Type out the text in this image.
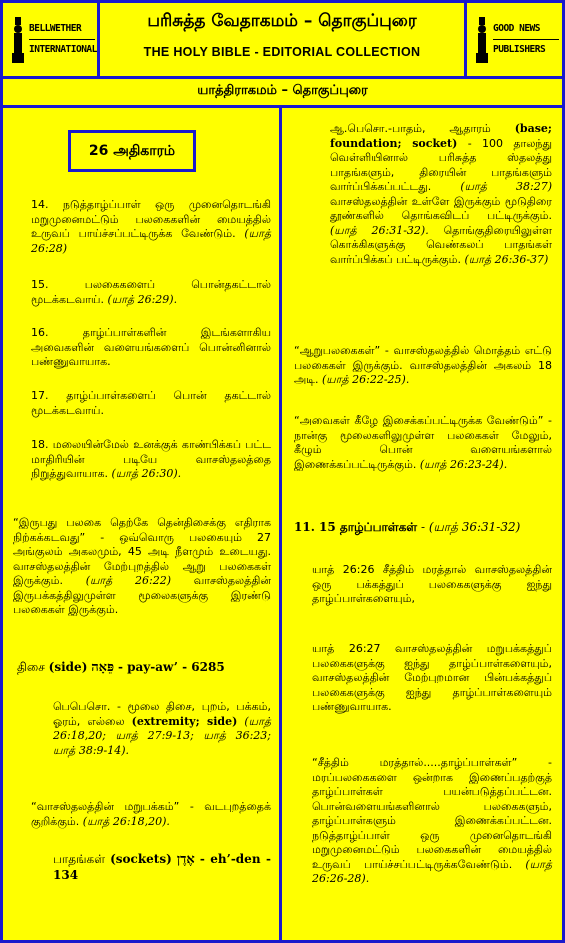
BELLWETHER
INTERNATIONAL
பரிசுத்த வேதாகமம் – தொகுப்புரை
THE HOLY BIBLE - EDITORIAL COLLECTION
GOOD NEWS
PUBLISHERS
யாத்திராகமம் – தொகுப்புரை
26 அதிகாரம்
14. நடுத்தாழ்ப்பாள் ஒரு முனைதொடங்கி மறுமுனைமட்டும் பலகைகளின் மையத்தில் உருவப் பாய்ச்சப்பட்டிருக்க வேண்டும். (யாத் 26:28)
15. பலகைகளைப் பொன்தகட்டால் மூடக்கடவாய். (யாத் 26:29).
16. தாழ்ப்பாள்களின் இடங்களாகிய அவைகளின் வளையங்களைப் பொன்னினால் பண்ணுவாயாக.
17. தாழ்ப்பாள்களைப் பொன் தகட்டால் மூடக்கடவாய்.
18. மலையின்மேல் உனக்குக் காண்பிக்கப் பட்ட மாதிரியின் படியே வாசஸ்தலத்தை நிறுத்துவாயாக. (யாத் 26:30).
“இருபது பலகை தெற்கே தென்திசைக்கு எதிராக நிற்கக்கடவது” - ஒவ்வொரு பலகையும் 27 அங்குலம் அகலமும், 45 அடி நீளமும் உடையது. வாசஸ்தலத்தின் மேற்புறத்தில் ஆறு பலகைகள் இருக்கும். (யாத் 26:22) வாசஸ்தலத்தின் இருபக்கத்திலுமுள்ள மூலைகளுக்கு இரண்டு பலகைகள் இருக்கும்.
திசை (side) פֵּאָה - pay-aw’ - 6285
பெபெசொ. - மூலை திசை, புறம், பக்கம், ஓரம், எல்லை (extremity; side) (யாத் 26:18,20; யாத் 27:9-13; யாத் 36:23; யாத் 38:9-14).
“வாசஸ்தலத்தின் மறுபக்கம்” - வடபுறத்தைக் குறிக்கும். (யாத் 26:18,20).
பாதங்கள் (sockets) אֶדֶן - eh’-den - 134
ஆ.பெசொ.-பாதம், ஆதாரம் (base; foundation; socket) - 100 தாலந்து வெள்ளியினால் பரிசுத்த ஸ்தலத்து பாதங்களும், திரையின் பாதங்களும் வார்ப்பிக்கப்பட்டது.	(யாத் 38:27) வாசஸ்தலத்தின் உள்ளே இருக்கும் மூடுதிரை தூண்களில் தொங்கவிடப் பட்டிருக்கும். (யாத் 26:31-32). தொங்குதிரையிலுள்ள கொக்கிகளுக்கு வெண்கலப் பாதங்கள் வார்ப்பிக்கப் பட்டிருக்கும். (யாத் 26:36-37)
“ஆறுபலகைகள்” - வாசஸ்தலத்தில் மொத்தம் எட்டு பலகைகள் இருக்கும். வாசஸ்தலத்தின் அகலம் 18 அடி. (யாத் 26:22-25).
“அவைகள் கீழே இசைக்கப்பட்டிருக்க வேண்டும்” - நான்கு மூலைகளிலுமுள்ள பலகைகள் மேலும், கீழும் பொன் வளையங்களால் இணைக்கப்பட்டிருக்கும். (யாத் 26:23-24).
11. 15 தாழ்ப்பாள்கள் - (யாத் 36:31-32)
யாத் 26:26 சீத்திம் மரத்தால் வாசஸ்தலத்தின் ஒரு பக்கத்துப் பலகைகளுக்கு ஐந்து தாழ்ப்பாள்களையும்,
யாத் 26:27 வாசஸ்தலத்தின் மறுபக்கத்துப் பலகைகளுக்கு ஐந்து தாழ்ப்பாள்களையும், வாசஸ்தலத்தின் மேற்புறமான பின்பக்கத்துப் பலகைகளுக்கு ஐந்து தாழ்ப்பாள்களையும் பண்ணுவாயாக.
“சீத்திம் மரத்தால்.....தாழ்ப்பாள்கள்” - மரப்பலகைகளை ஒன்றாக இணைப்பதற்குத் தாழ்ப்பாள்கள் பயன்படுத்தப்பட்டன. பொன்வளையங்களினால் பலகைகளும், தாழ்ப்பாள்களும் இணைக்கப்பட்டன. நடுத்தாழ்ப்பாள் ஒரு முனைதொடங்கி மறுமுனைமட்டும் பலகைகளின் மையத்தில் உருவப் பாய்ச்சப்பட்டிருக்கவேண்டும். (யாத் 26:26-28).
